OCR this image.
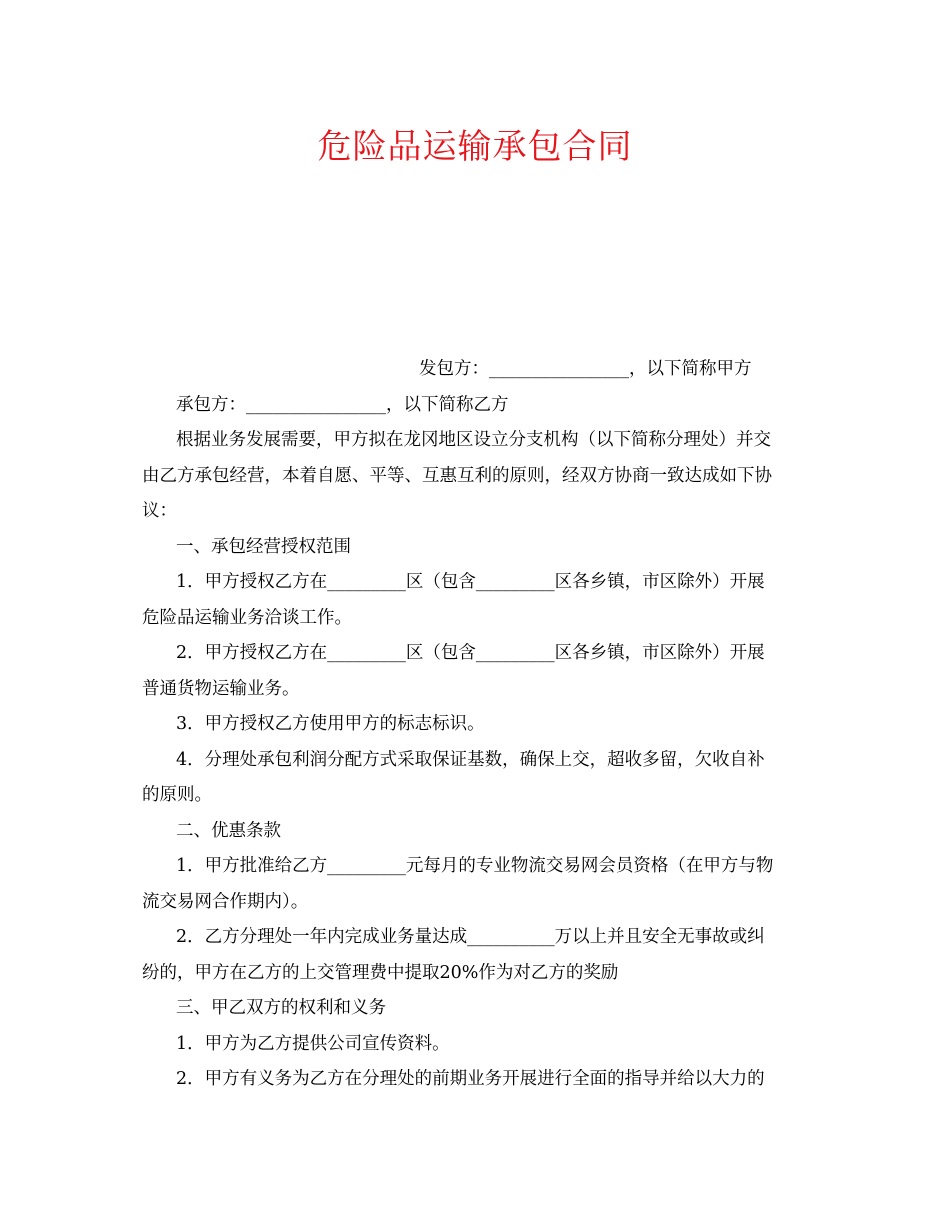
危险品运输承包合同
发包方：________________，以下简称甲方
承包方：________________，以下简称乙方
根据业务发展需要，甲方拟在龙冈地区设立分支机构（以下简称分理处）并交
由乙方承包经营，本着自愿、平等、互惠互利的原则，经双方协商一致达成如下协
议：
一、承包经营授权范围
1．甲方授权乙方在_________区（包含_________区各乡镇，市区除外）开展
危险品运输业务洽谈工作。
2．甲方授权乙方在_________区（包含_________区各乡镇，市区除外）开展
普通货物运输业务。
3．甲方授权乙方使用甲方的标志标识。
4．分理处承包利润分配方式采取保证基数，确保上交，超收多留，欠收自补
的原则。
二、优惠条款
1．甲方批准给乙方_________元每月的专业物流交易网会员资格（在甲方与物
流交易网合作期内）。
2．乙方分理处一年内完成业务量达成__________万以上并且安全无事故或纠
纷的，甲方在乙方的上交管理费中提取20%作为对乙方的奖励
三、甲乙双方的权利和义务
1．甲方为乙方提供公司宣传资料。
2．甲方有义务为乙方在分理处的前期业务开展进行全面的指导并给以大力的
